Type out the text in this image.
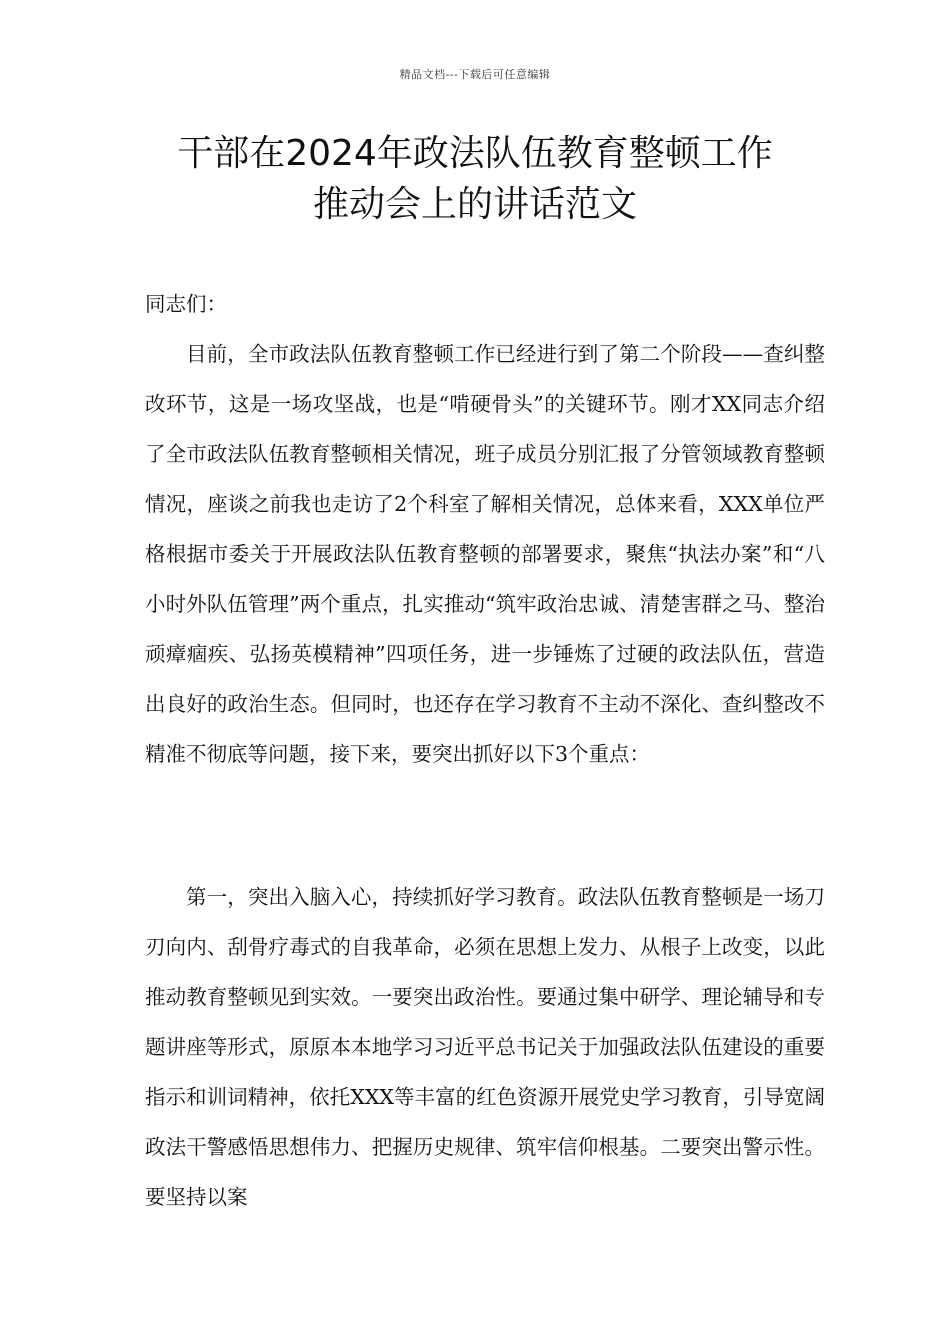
精品文档---下载后可任意编辑
干部在2024年政法队伍教育整顿工作
推动会上的讲话范文
同志们：

目前，全市政法队伍教育整顿工作已经进行到了第二个阶段——查纠整改环节，这是一场攻坚战，也是“啃硬骨头”的关键环节。刚才XX同志介绍了全市政法队伍教育整顿相关情况，班子成员分别汇报了分管领域教育整顿情况，座谈之前我也走访了2个科室了解相关情况，总体来看，XXX单位严格根据市委关于开展政法队伍教育整顿的部署要求，聚焦“执法办案”和“八小时外队伍管理”两个重点，扎实推动“筑牢政治忠诚、清楚害群之马、整治顽瘴痼疾、弘扬英模精神”四项任务，进一步锤炼了过硬的政法队伍，营造出良好的政治生态。但同时，也还存在学习教育不主动不深化、查纠整改不精准不彻底等问题，接下来，要突出抓好以下3个重点：

第一，突出入脑入心，持续抓好学习教育。政法队伍教育整顿是一场刀刃向内、刮骨疗毒式的自我革命，必须在思想上发力、从根子上改变，以此推动教育整顿见到实效。一要突出政治性。要通过集中研学、理论辅导和专题讲座等形式，原原本本地学习习近平总书记关于加强政法队伍建设的重要指示和训词精神，依托XXX等丰富的红色资源开展党史学习教育，引导宽阔政法干警感悟思想伟力、把握历史规律、筑牢信仰根基。二要突出警示性。要坚持以案
